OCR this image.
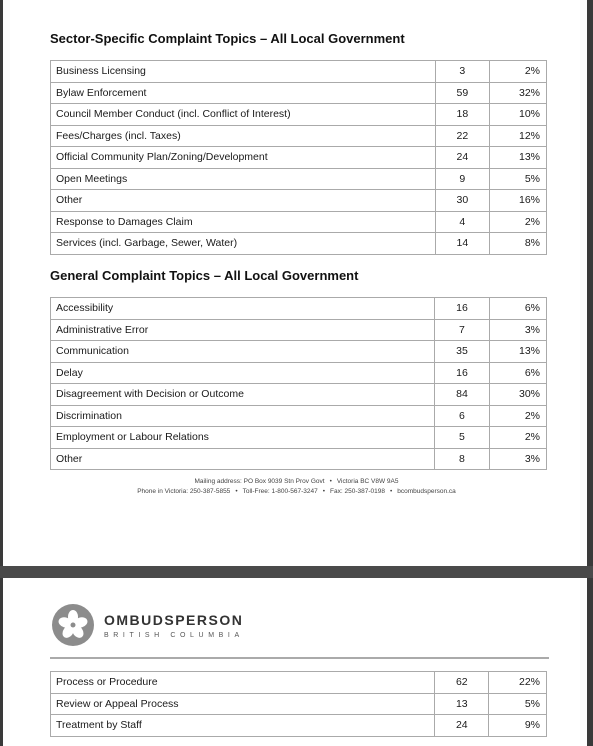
Sector-Specific Complaint Topics – All Local Government
Business Licensing	3	2%
Bylaw Enforcement	59	32%
Council Member Conduct (incl. Conflict of Interest)	18	10%
Fees/Charges (incl. Taxes)	22	12%
Official Community Plan/Zoning/Development	24	13%
Open Meetings	9	5%
Other	30	16%
Response to Damages Claim	4	2%
Services (incl. Garbage, Sewer, Water)	14	8%
General Complaint Topics – All Local Government
Accessibility	16	6%
Administrative Error	7	3%
Communication	35	13%
Delay	16	6%
Disagreement with Decision or Outcome	84	30%
Discrimination	6	2%
Employment or Labour Relations	5	2%
Other	8	3%
Mailing address: PO Box 9039 Stn Prov Govt • Victoria BC V8W 9A5
Phone in Victoria: 250-387-5855 • Toll-Free: 1-800-567-3247 • Fax: 250-387-0198 • bcombudsperson.ca
OMBUDSPERSON
BRITISH COLUMBIA
Process or Procedure	62	22%
Review or Appeal Process	13	5%
Treatment by Staff	24	9%
